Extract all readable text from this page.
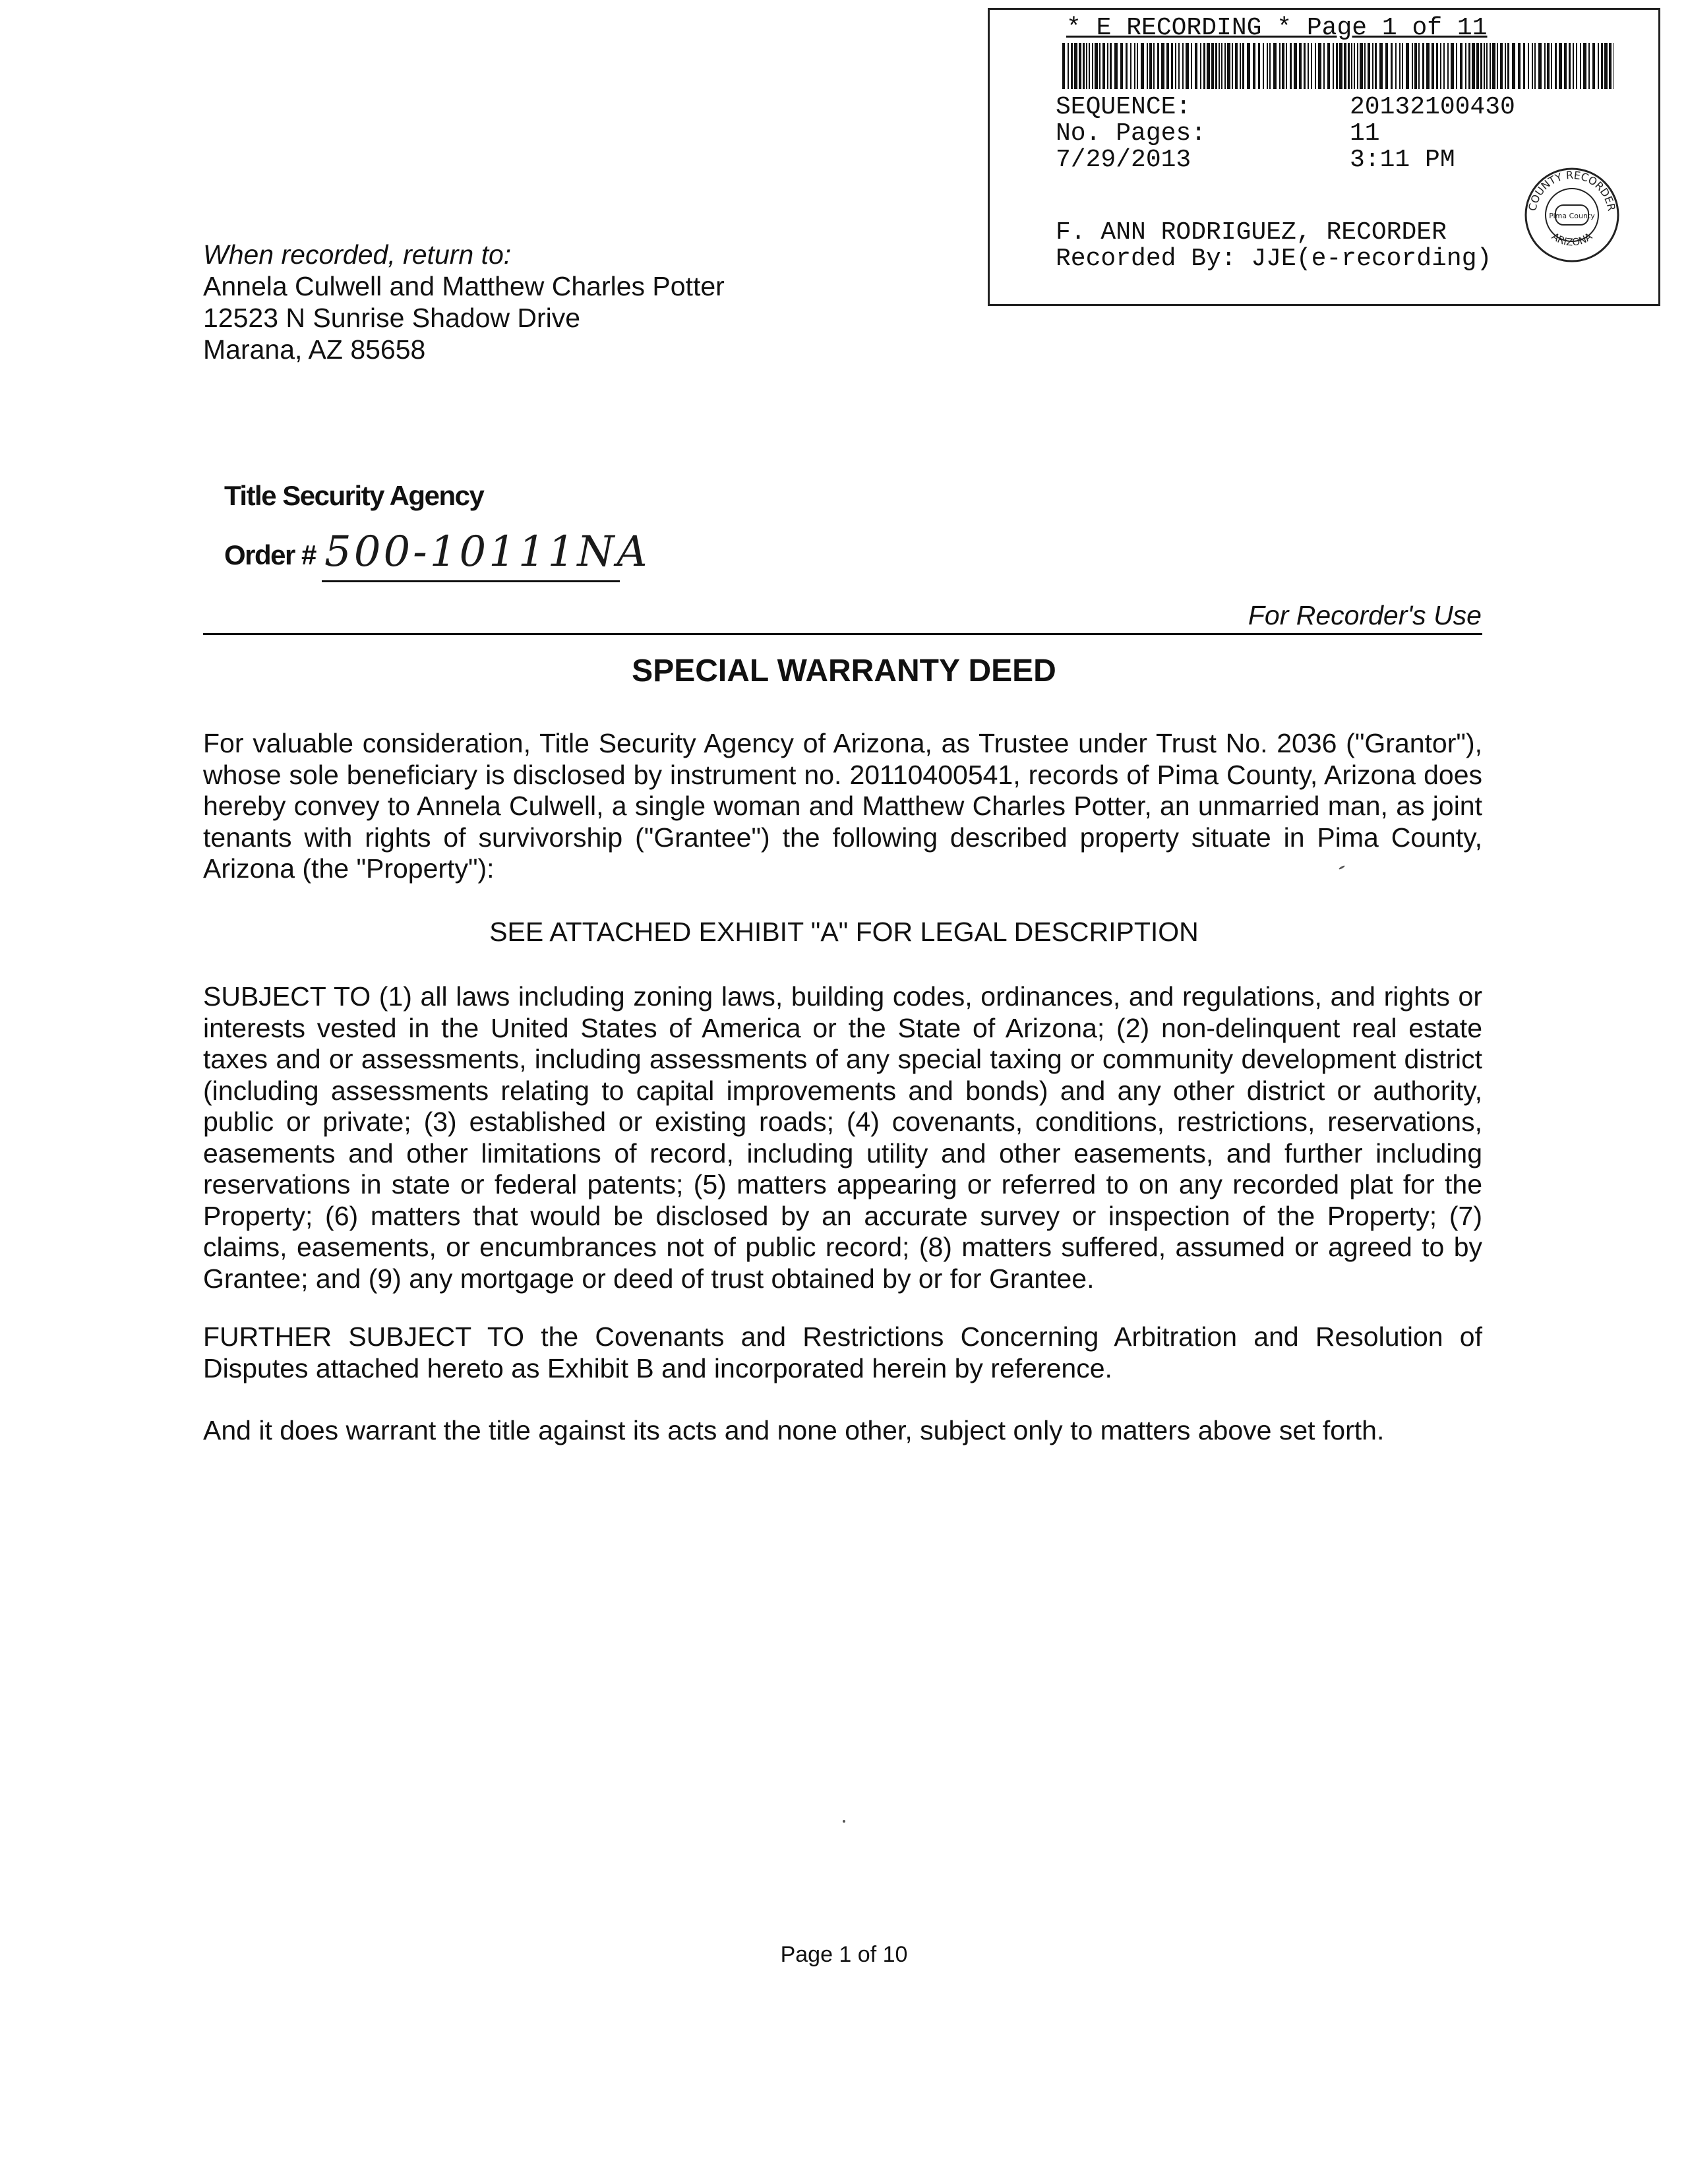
* E RECORDING * Page 1 of 11
SEQUENCE:	20132100430
No. Pages:	11
7/29/2013	3:11 PM
F. ANN RODRIGUEZ, RECORDER
Recorded By: JJE(e-recording)
COUNTY RECORDER
ARIZONA
Pima County
When recorded, return to:
Annela Culwell and Matthew Charles Potter
12523 N Sunrise Shadow Drive
Marana, AZ 85658
Title Security Agency
Order # 500-10111NA
For Recorder's Use
SPECIAL WARRANTY DEED
For valuable consideration, Title Security Agency of Arizona, as Trustee under Trust No. 2036 ("Grantor"), whose sole beneficiary is disclosed by instrument no. 20110400541, records of Pima County, Arizona does hereby convey to Annela Culwell, a single woman and Matthew Charles Potter, an unmarried man, as joint tenants with rights of survivorship ("Grantee") the following described property situate in Pima County, Arizona (the "Property"):
SEE ATTACHED EXHIBIT "A" FOR LEGAL DESCRIPTION
SUBJECT TO (1) all laws including zoning laws, building codes, ordinances, and regulations, and rights or interests vested in the United States of America or the State of Arizona; (2) non-delinquent real estate taxes and or assessments, including assessments of any special taxing or community development district (including assessments relating to capital improvements and bonds) and any other district or authority, public or private; (3) established or existing roads; (4) covenants, conditions, restrictions, reservations, easements and other limitations of record, including utility and other easements, and further including reservations in state or federal patents; (5) matters appearing or referred to on any recorded plat for the Property; (6) matters that would be disclosed by an accurate survey or inspection of the Property; (7) claims, easements, or encumbrances not of public record; (8) matters suffered, assumed or agreed to by Grantee; and (9) any mortgage or deed of trust obtained by or for Grantee.
FURTHER SUBJECT TO the Covenants and Restrictions Concerning Arbitration and Resolution of Disputes attached hereto as Exhibit B and incorporated herein by reference.
And it does warrant the title against its acts and none other, subject only to matters above set forth.
Page 1 of 10
